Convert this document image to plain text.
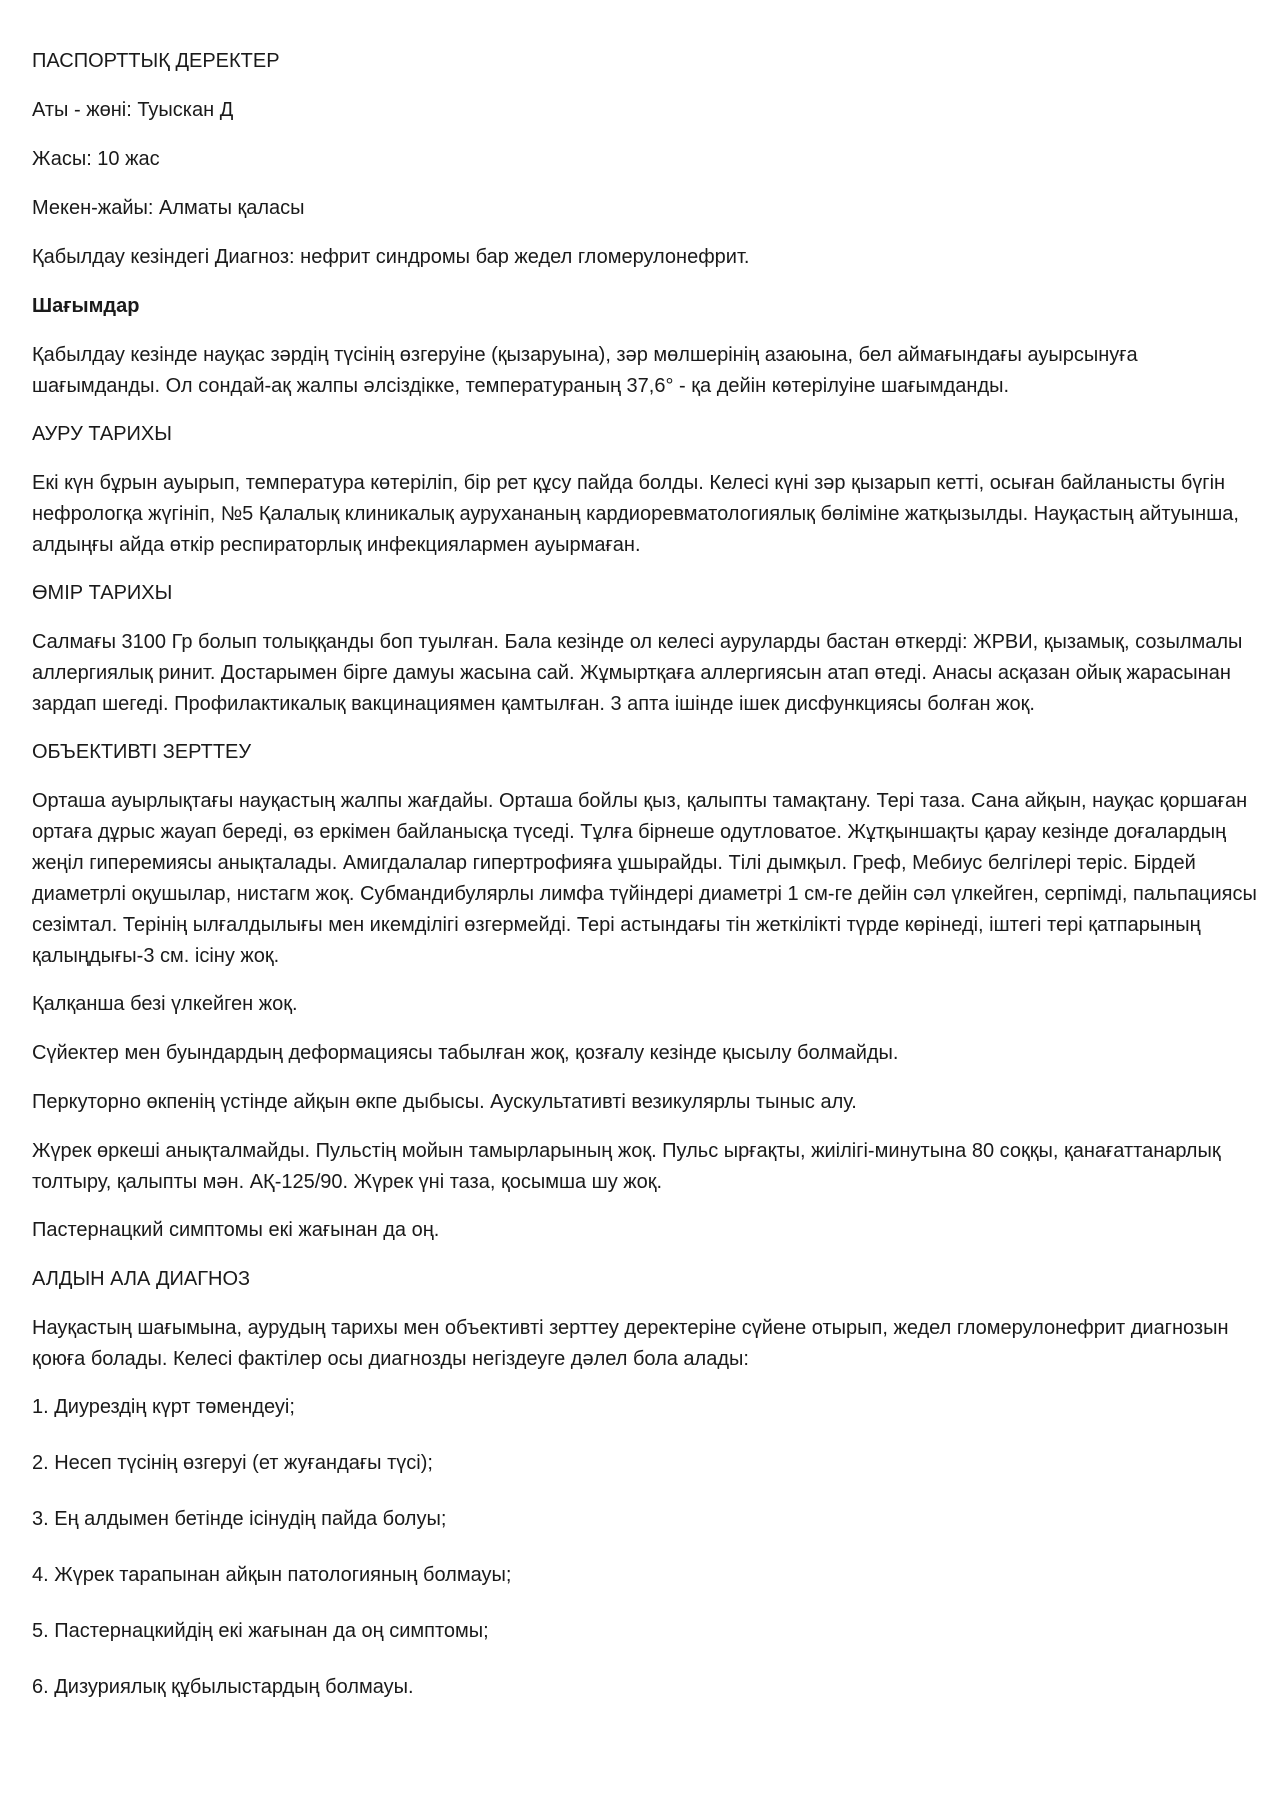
ПАСПОРТТЫҚ ДЕРЕКТЕР

Аты - жөні: Туыскан Д

Жасы: 10 жас

Мекен-жайы: Алматы қаласы

Қабылдау кезіндегі Диагноз: нефрит синдромы бар жедел гломерулонефрит.

Шағымдар

Қабылдау кезінде науқас зәрдің түсінің өзгеруіне (қызаруына), зәр мөлшерінің азаюына, бел аймағындағы ауырсынуға шағымданды. Ол сондай-ақ жалпы әлсіздікке, температураның 37,6° - қа дейін көтерілуіне шағымданды.

АУРУ ТАРИХЫ

Екі күн бұрын ауырып, температура көтеріліп, бір рет құсу пайда болды. Келесі күні зәр қызарып кетті, осыған байланысты бүгін нефрологқа жүгініп, №5 Қалалық клиникалық аурухананың кардиоревматологиялық бөліміне жатқызылды. Науқастың айтуынша, алдыңғы айда өткір респираторлық инфекциялармен ауырмаған.

ӨМІР ТАРИХЫ

Салмағы 3100 Гр болып толыққанды боп туылған. Бала кезінде ол келесі ауруларды бастан өткерді: ЖРВИ, қызамық, созылмалы аллергиялық ринит. Достарымен бірге дамуы жасына сай. Жұмыртқаға аллергиясын атап өтеді. Анасы асқазан ойық жарасынан зардап шегеді. Профилактикалық вакцинациямен қамтылған. 3 апта ішінде ішек дисфункциясы болған жоқ.

ОБЪЕКТИВТІ ЗЕРТТЕУ

Орташа ауырлықтағы науқастың жалпы жағдайы. Орташа бойлы қыз, қалыпты тамақтану. Тері таза. Сана айқын, науқас қоршаған ортаға дұрыс жауап береді, өз еркімен байланысқа түседі. Тұлға бірнеше одутловатое. Жұтқыншақты қарау кезінде доғалардың жеңіл гиперемиясы анықталады. Амигдалалар гипертрофияға ұшырайды. Тілі дымқыл. Греф, Мебиус белгілері теріс. Бірдей диаметрлі оқушылар, нистагм жоқ. Субмандибулярлы лимфа түйіндері диаметрі 1 см-ге дейін сәл үлкейген, серпімді, пальпациясы сезімтал. Терінің ылғалдылығы мен икемділігі өзгермейді. Тері астындағы тін жеткілікті түрде көрінеді, іштегі тері қатпарының қалыңдығы-3 см. ісіну жоқ.

Қалқанша безі үлкейген жоқ.

Сүйектер мен буындардың деформациясы табылған жоқ, қозғалу кезінде қысылу болмайды.

Перкуторно өкпенің үстінде айқын өкпе дыбысы. Аускультативті везикулярлы тыныс алу.

Жүрек өркеші анықталмайды. Пульстің мойын тамырларының жоқ. Пульс ырғақты, жиілігі-минутына 80 соққы, қанағаттанарлық толтыру, қалыпты мән. АҚ-125/90. Жүрек үні таза, қосымша шу жоқ.

Пастернацкий симптомы екі жағынан да оң.

АЛДЫН АЛА ДИАГНОЗ

Науқастың шағымына, аурудың тарихы мен объективті зерттеу деректеріне сүйене отырып, жедел гломерулонефрит диагнозын қоюға болады. Келесі фактілер осы диагнозды негіздеуге дәлел бола алады:

1. Диурездің күрт төмендеуі;

2. Несеп түсінің өзгеруі (ет жуғандағы түсі);

3. Ең алдымен бетінде ісінудің пайда болуы;

4. Жүрек тарапынан айқын патологияның болмауы;

5. Пастернацкийдің екі жағынан да оң симптомы;

6. Дизуриялық құбылыстардың болмауы.
